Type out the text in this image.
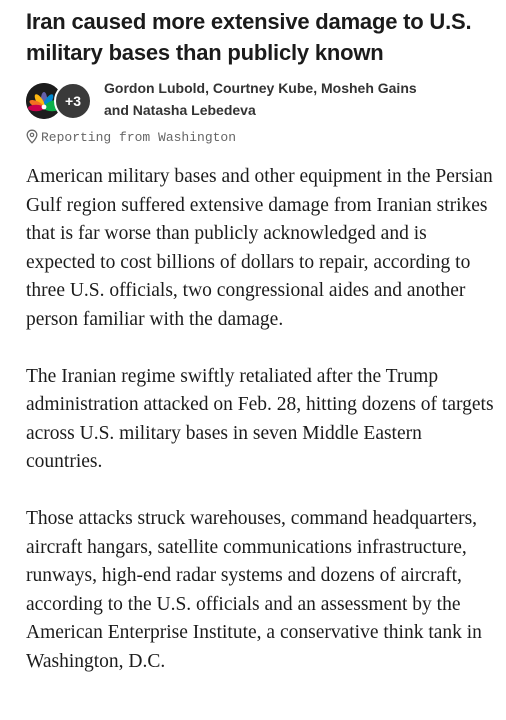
Iran caused more extensive damage to U.S. military bases than publicly known
+3
Gordon Lubold, Courtney Kube, Mosheh Gains
and Natasha Lebedeva
Reporting from Washington

American military bases and other equipment in the Persian Gulf region suffered extensive damage from Iranian strikes that is far worse than publicly acknowledged and is expected to cost billions of dollars to repair, according to three U.S. officials, two congressional aides and another person familiar with the damage.

The Iranian regime swiftly retaliated after the Trump administration attacked on Feb. 28, hitting dozens of targets across U.S. military bases in seven Middle Eastern countries.

Those attacks struck warehouses, command headquarters, aircraft hangars, satellite communications infrastructure, runways, high-end radar systems and dozens of aircraft, according to the U.S. officials and an assessment by the American Enterprise Institute, a conservative think tank in Washington, D.C.
